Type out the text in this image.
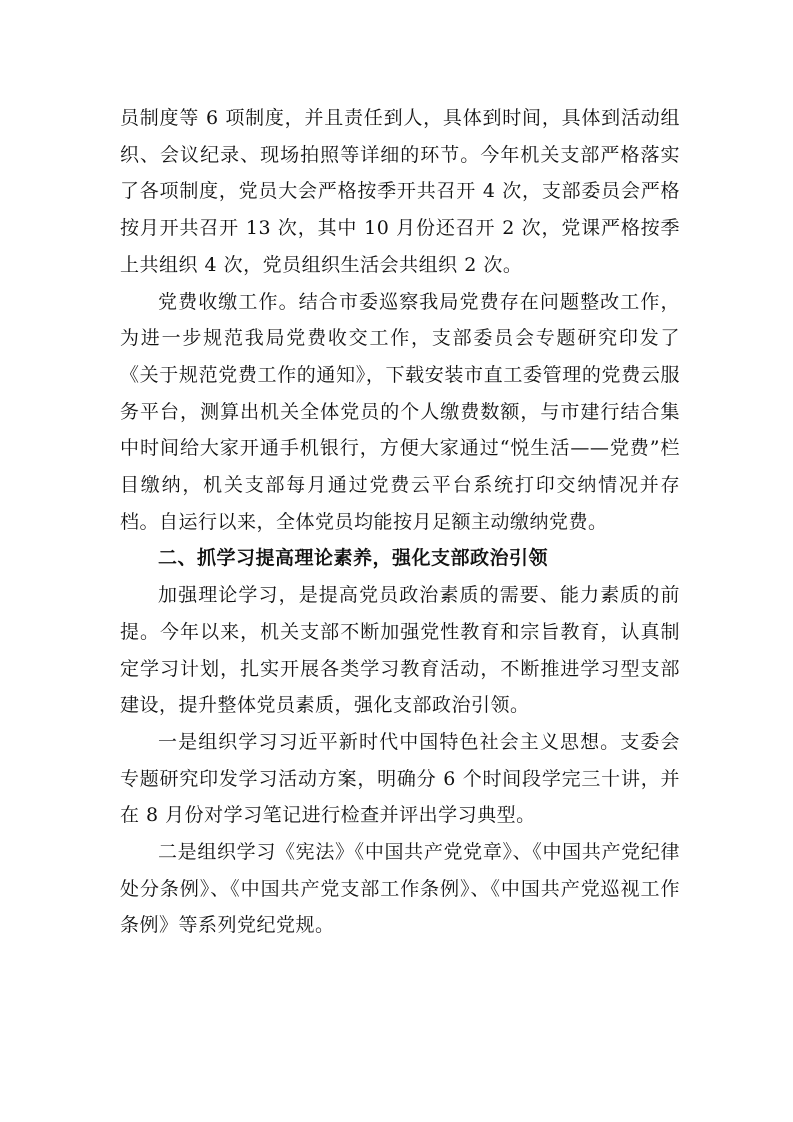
员制度等 6 项制度，并且责任到人，具体到时间，具体到活动组织、会议纪录、现场拍照等详细的环节。今年机关支部严格落实了各项制度，党员大会严格按季开共召开 4 次，支部委员会严格按月开共召开 13 次，其中 10 月份还召开 2 次，党课严格按季上共组织 4 次，党员组织生活会共组织 2 次。

党费收缴工作。结合市委巡察我局党费存在问题整改工作，为进一步规范我局党费收交工作，支部委员会专题研究印发了《关于规范党费工作的通知》，下载安装市直工委管理的党费云服务平台，测算出机关全体党员的个人缴费数额，与市建行结合集中时间给大家开通手机银行，方便大家通过“悦生活——党费”栏目缴纳，机关支部每月通过党费云平台系统打印交纳情况并存档。自运行以来，全体党员均能按月足额主动缴纳党费。

二、抓学习提高理论素养，强化支部政治引领

加强理论学习，是提高党员政治素质的需要、能力素质的前提。今年以来，机关支部不断加强党性教育和宗旨教育，认真制定学习计划，扎实开展各类学习教育活动，不断推进学习型支部建设，提升整体党员素质，强化支部政治引领。

一是组织学习习近平新时代中国特色社会主义思想。支委会专题研究印发学习活动方案，明确分 6 个时间段学完三十讲，并在 8 月份对学习笔记进行检查并评出学习典型。

二是组织学习《宪法》《中国共产党党章》、《中国共产党纪律处分条例》、《中国共产党支部工作条例》、《中国共产党巡视工作条例》等系列党纪党规。
